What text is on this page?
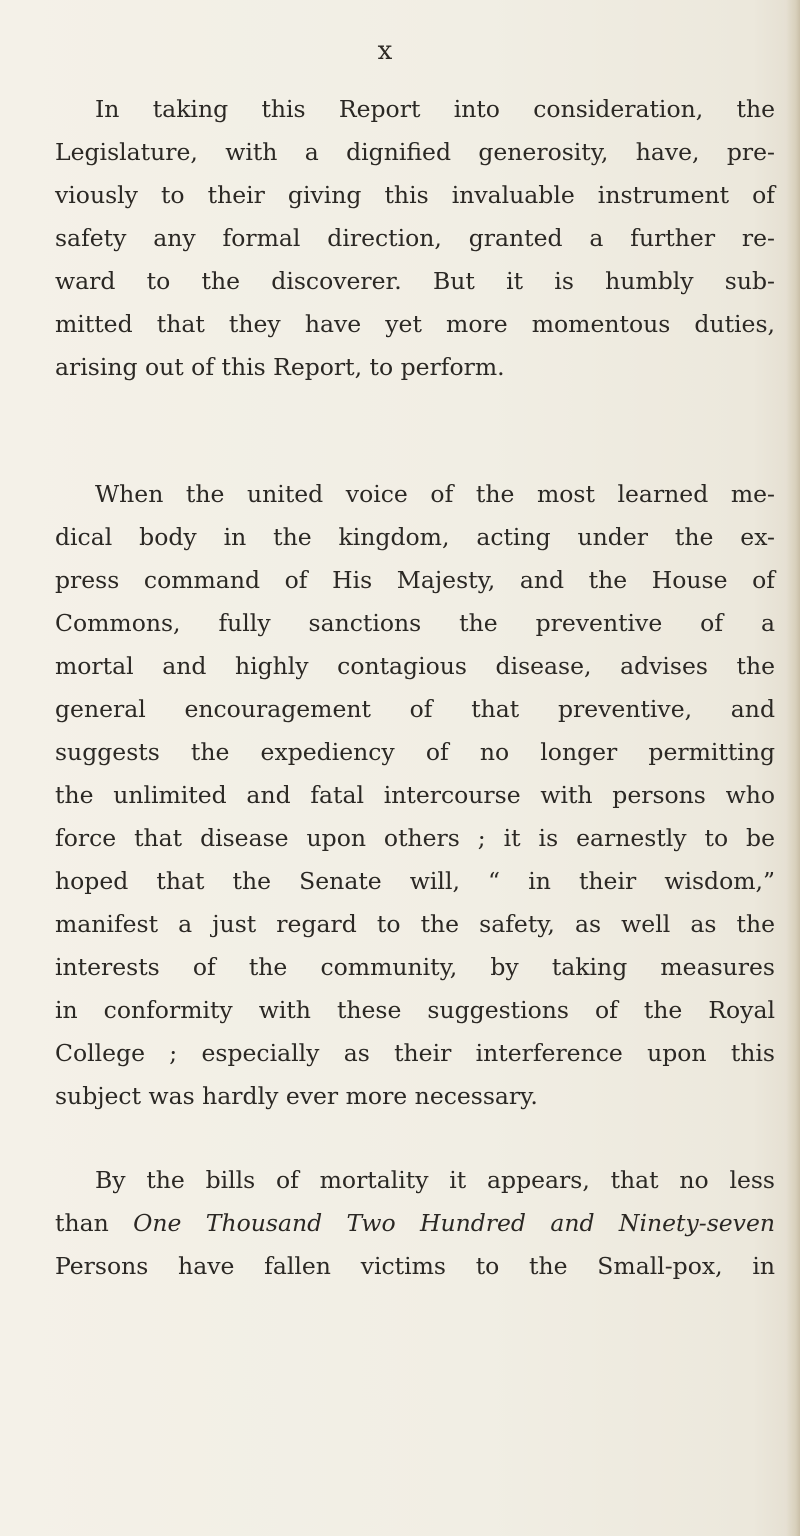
x
In taking this Report into consideration, the
Legislature, with a dignified generosity, have, pre-
viously to their giving this invaluable instrument of
safety any formal direction, granted a further re-
ward to the discoverer. But it is humbly sub-
mitted that they have yet more momentous duties,
arising out of this Report, to perform.
When the united voice of the most learned me-
dical body in the kingdom, acting under the ex-
press command of His Majesty, and the House of
Commons, fully sanctions the preventive of a
mortal and highly contagious disease, advises the
general encouragement of that preventive, and
suggests the expediency of no longer permitting
the unlimited and fatal intercourse with persons who
force that disease upon others ; it is earnestly to be
hoped that the Senate will, “ in their wisdom,”
manifest a just regard to the safety, as well as the
interests of the community, by taking measures
in conformity with these suggestions of the Royal
College ; especially as their interference upon this
subject was hardly ever more necessary.
By the bills of mortality it appears, that no less
than One Thousand Two Hundred and Ninety-seven
Persons have fallen victims to the Small-pox, in
